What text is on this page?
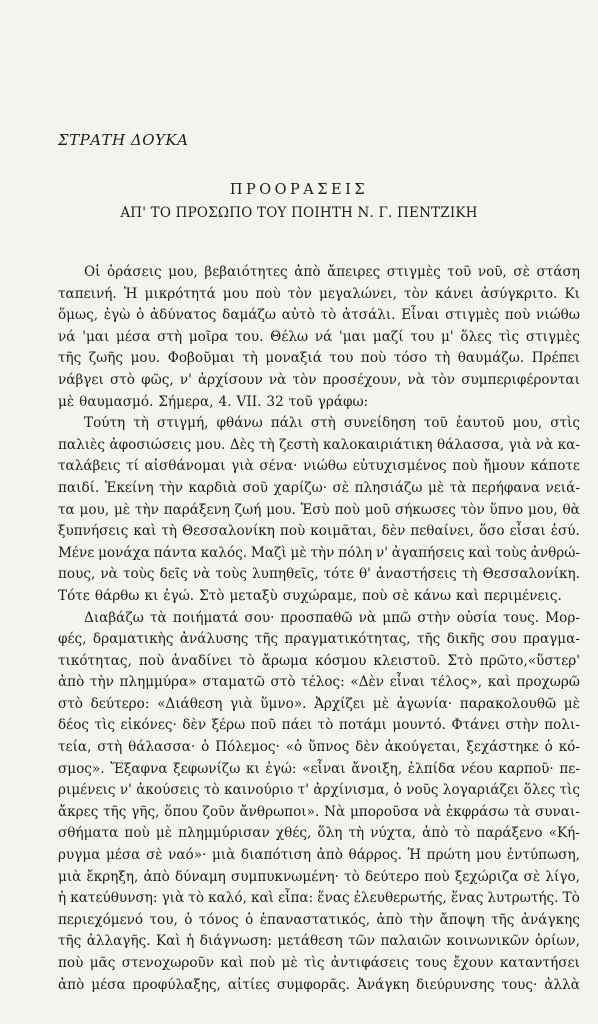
ΣΤΡΑΤΗ ΔΟΥΚΑ
ΠΡΟΟΡΑΣΕΙΣ
ΑΠ' ΤΟ ΠΡΟΣΩΠΟ ΤΟΥ ΠΟΙΗΤΗ Ν. Γ. ΠΕΝΤΖΙΚΗ
Οἱ ὁράσεις μου, βεβαιότητες ἀπὸ ἄπειρες στιγμὲς τοῦ νοῦ, σὲ στάση
ταπεινή. Ἡ μικρότητά μου ποὺ τὸν μεγαλώνει, τὸν κάνει ἀσύγκριτο. Κι
ὅμως, ἐγὼ ὁ ἀδύνατος δαμάζω αὐτὸ τὸ ἀτσάλι. Εἶναι στιγμὲς ποὺ νιώθω
νά 'μαι μέσα στὴ μοῖρα του. Θέλω νά 'μαι μαζί του μ' ὅλες τὶς στιγμὲς
τῆς ζωῆς μου. Φοβοῦμαι τὴ μοναξιά του ποὺ τόσο τὴ θαυμάζω. Πρέπει
νάβγει στὸ φῶς, ν' ἀρχίσουν νὰ τὸν προσέχουν, νὰ τὸν συμπεριφέρονται
μὲ θαυμασμό. Σήμερα, 4. VII. 32 τοῦ γράφω:
Τούτη τὴ στιγμή, φθάνω πάλι στὴ συνείδηση τοῦ ἑαυτοῦ μου, στὶς
παλιὲς ἀφοσιώσεις μου. Δὲς τὴ ζεστὴ καλοκαιριάτικη θάλασσα, γιὰ νὰ κα-
ταλάβεις τί αἰσθάνομαι γιὰ σένα· νιώθω εὐτυχισμένος ποὺ ἤμουν κάποτε
παιδί. Ἐκείνη τὴν καρδιὰ σοῦ χαρίζω· σὲ πλησιάζω μὲ τὰ περήφανα νειά-
τα μου, μὲ τὴν παράξενη ζωή μου. Ἐσὺ ποὺ μοῦ σήκωσες τὸν ὕπνο μου, θὰ
ξυπνήσεις καὶ τὴ Θεσσαλονίκη ποὺ κοιμᾶται, δὲν πεθαίνει, ὅσο εἶσαι ἐσύ.
Μένε μονάχα πάντα καλός. Μαζὶ μὲ τὴν πόλη ν' ἀγαπήσεις καὶ τοὺς ἀνθρώ-
πους, νὰ τοὺς δεῖς νὰ τοὺς λυπηθεῖς, τότε θ' ἀναστήσεις τὴ Θεσσαλονίκη.
Τότε θάρθω κι ἐγώ. Στὸ μεταξὺ συχώραμε, ποὺ σὲ κάνω καὶ περιμένεις.
Διαβάζω τὰ ποιήματά σου· προσπαθῶ νὰ μπῶ στὴν οὐσία τους. Μορ-
φές, δραματικὴς ἀνάλυσης τῆς πραγματικότητας, τῆς δικῆς σου πραγμα-
τικότητας, ποὺ ἀναδίνει τὸ ἄρωμα κόσμου κλειστοῦ. Στὸ πρῶτο,«ὕστερ'
ἀπὸ τὴν πλημμύρα» σταματῶ στὸ τέλος: «Δὲν εἶναι τέλος», καὶ προχωρῶ
στὸ δεύτερο: «Διάθεση γιὰ ὕμνο». Ἀρχίζει μὲ ἀγωνία· παρακολουθῶ μὲ
δέος τὶς εἰκόνες· δὲν ξέρω ποῦ πάει τὸ ποτάμι μουντό. Φτάνει στὴν πολι-
τεία, στὴ θάλασσα· ὁ Πόλεμος· «ὁ ὕπνος δὲν ἀκούγεται, ξεχάστηκε ὁ κό-
σμος». Ἔξαφνα ξεφωνίζω κι ἐγώ: «εἶναι ἄνοιξη, ἐλπίδα νέου καρποῦ· πε-
ριμένεις ν' ἀκούσεις τὸ καινούριο τ' ἀρχίνισμα, ὁ νοῦς λογαριάζει ὅλες τὶς
ἄκρες τῆς γῆς, ὅπου ζοῦν ἄνθρωποι». Νὰ μποροῦσα νὰ ἐκφράσω τὰ συναι-
σθήματα ποὺ μὲ πλημμύρισαν χθές, ὅλη τὴ νύχτα, ἀπὸ τὸ παράξενο «Κή-
ρυγμα μέσα σὲ ναό»· μιὰ διαπότιση ἀπὸ θάρρος. Ἡ πρώτη μου ἐντύπωση,
μιὰ ἔκρηξη, ἀπὸ δύναμη συμπυκνωμένη· τὸ δεύτερο ποὺ ξεχώριζα σὲ λίγο,
ἡ κατεύθυνση: γιὰ τὸ καλό, καὶ εἶπα: ἕνας ἐλευθερωτής, ἕνας λυτρωτής. Τὸ
περιεχόμενό του, ὁ τόνος ὁ ἐπαναστατικός, ἀπὸ τὴν ἄποψη τῆς ἀνάγκης
τῆς ἀλλαγῆς. Καὶ ἡ διάγνωση: μετάθεση τῶν παλαιῶν κοινωνικῶν ὁρίων,
ποὺ μᾶς στενοχωροῦν καὶ ποὺ μὲ τὶς ἀντιφάσεις τους ἔχουν καταντήσει
ἀπὸ μέσα προφύλαξης, αἰτίες συμφορᾶς. Ἀνάγκη διεύρυνσης τους· ἀλλὰ
